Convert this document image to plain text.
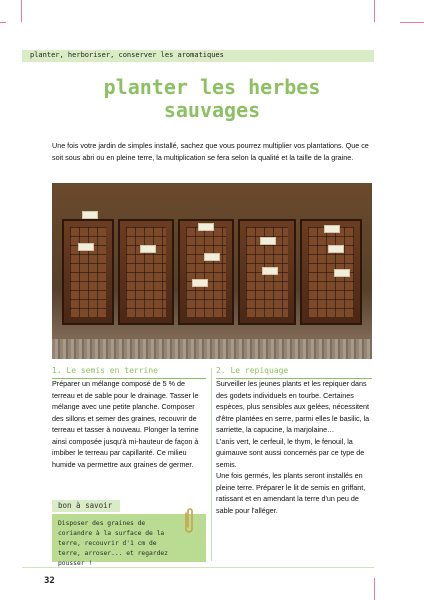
planter, herboriser, conserver les aromatiques
planter les herbes
sauvages
Une fois votre jardin de simples installé, sachez que vous pourrez multiplier vos plantations. Que ce soit sous abri ou en pleine terre, la multiplication se fera selon la qualité et la taille de la graine.
1. Le semis en terrine

Préparer un mélange composé de 5 % de terreau et de sable pour le drainage. Tasser le mélange avec une petite planche. Composer des sillons et semer des graines, recouvrir de terreau et tasser à nouveau. Plonger la terrine ainsi composée jusqu'à mi-hauteur de façon à imbiber le terreau par capillarité. Ce milieu humide va permettre aux graines de germer.

2. Le repiquage

Surveiller les jeunes plants et les repiquer dans des godets individuels en tourbe. Certaines espèces, plus sensibles aux gelées, nécessitent d'être plantées en serre, parmi elles le basilic, la sarriette, la capucine, la marjolaine…

L'anis vert, le cerfeuil, le thym, le fenouil, la guimauve sont aussi concernés par ce type de semis.

Une fois germés, les plants seront installés en pleine terre. Préparer le lit de semis en griffant, ratissant et en amendant la terre d'un peu de sable pour l'alléger.

bon à savoir
Disposer des graines de coriandre à la surface de la terre, recouvrir d'1 cm de terre, arroser... et regardez pousser !
32
